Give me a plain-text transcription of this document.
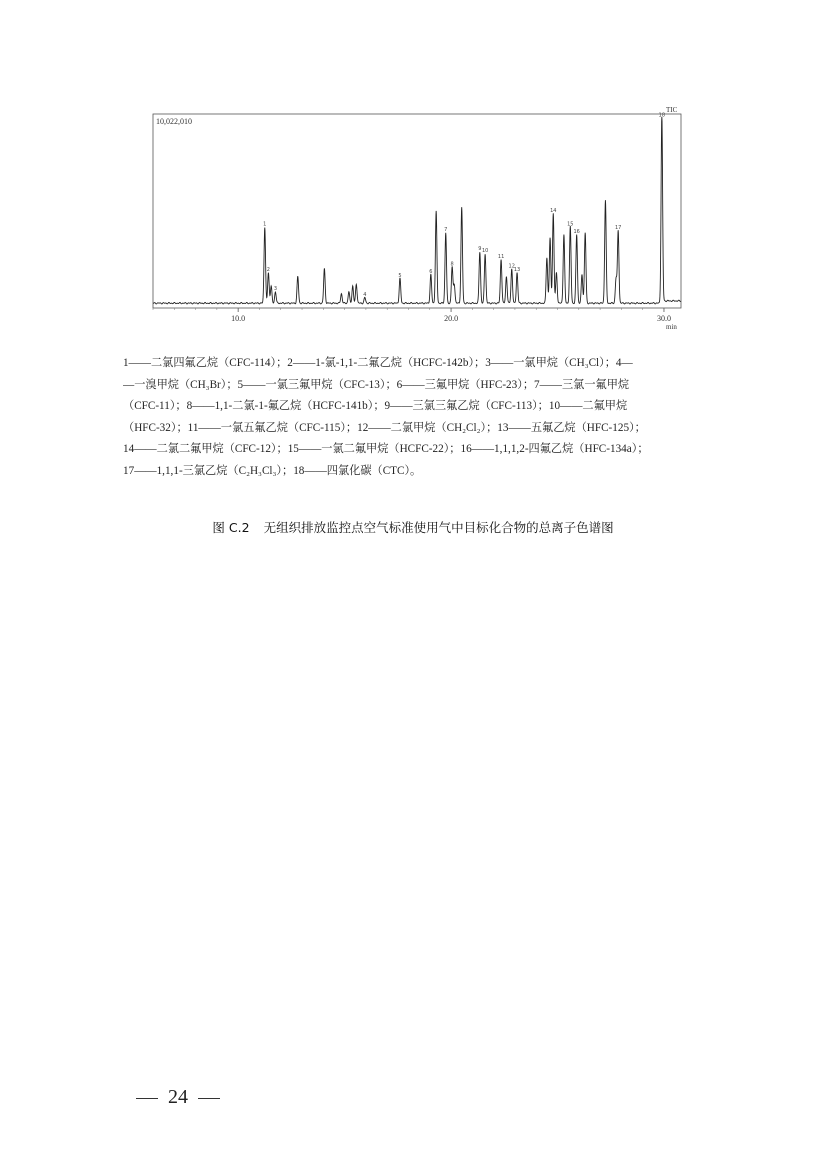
10,022,010
TIC
min
10.0	20.0	30.0
1
2
3
4
5
6
7
8
9 10
11
12
13
14
15
16
17
18
1——二氯四氟乙烷（CFC-114）；2——1-氯-1,1-二氟乙烷（HCFC-142b）；3——一氯甲烷（CH₃Cl）；4—
—一溴甲烷（CH₃Br）；5——一氯三氟甲烷（CFC-13）；6——三氟甲烷（HFC-23）；7——三氯一氟甲烷
（CFC-11）；8——1,1-二氯-1-氟乙烷（HCFC-141b）；9——三氯三氟乙烷（CFC-113）；10——二氟甲烷
（HFC-32）；11——一氯五氟乙烷（CFC-115）；12——二氯甲烷（CH₂Cl₂）；13——五氟乙烷（HFC-125）；
14——二氯二氟甲烷（CFC-12）；15——一氯二氟甲烷（HCFC-22）；16——1,1,1,2-四氟乙烷（HFC-134a）；
17——1,1,1-三氯乙烷（C₂H₃Cl₃）；18——四氯化碳（CTC）。
图 C.2 无组织排放监控点空气标准使用气中目标化合物的总离子色谱图
24
